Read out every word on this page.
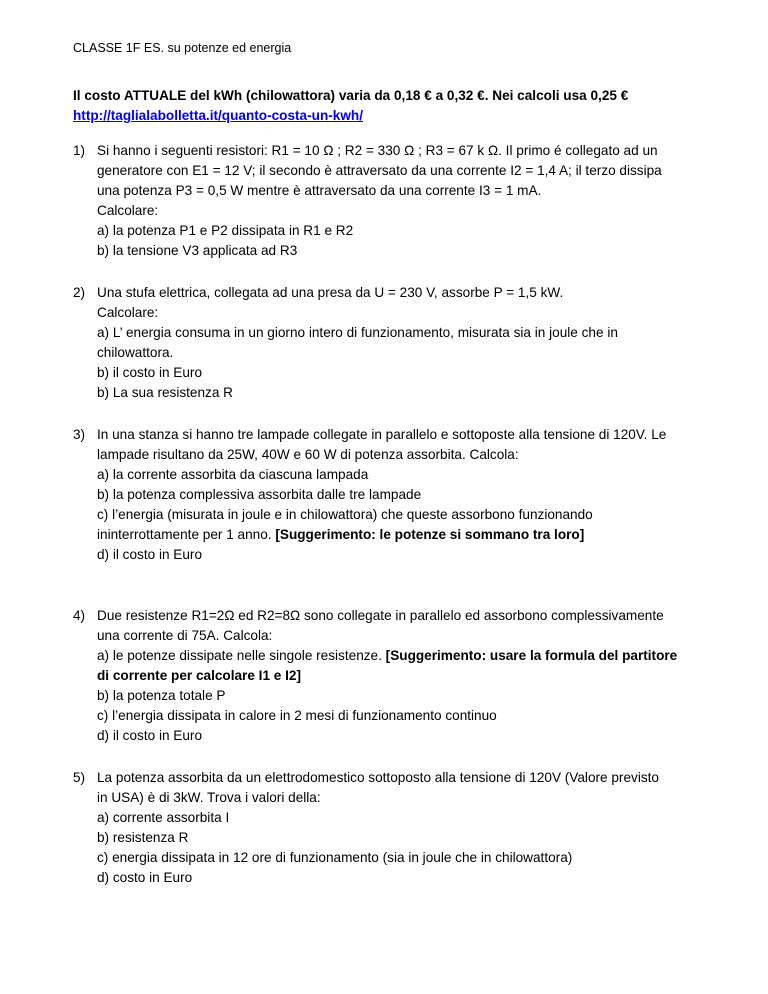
CLASSE 1F ES. su potenze ed energia
Il costo ATTUALE del kWh (chilowattora) varia da 0,18 € a 0,32 €. Nei calcoli usa 0,25 €
http://taglialabolletta.it/quanto-costa-un-kwh/
1) Si hanno i seguenti resistori: R1 = 10 Ω ; R2 = 330 Ω ; R3 = 67 k Ω. Il primo é collegato ad un
generatore con E1 = 12 V; il secondo è attraversato da una corrente I2 = 1,4 A; il terzo dissipa
una potenza P3 = 0,5 W mentre è attraversato da una corrente I3 = 1 mA.
Calcolare:
a) la potenza P1 e P2 dissipata in R1 e R2
b) la tensione V3 applicata ad R3
2) Una stufa elettrica, collegata ad una presa da U = 230 V, assorbe P = 1,5 kW.
Calcolare:
a) L’ energia consuma in un giorno intero di funzionamento, misurata sia in joule che in
chilowattora.
b) il costo in Euro
b) La sua resistenza R
3) In una stanza si hanno tre lampade collegate in parallelo e sottoposte alla tensione di 120V. Le
lampade risultano da 25W, 40W e 60 W di potenza assorbita. Calcola:
a) la corrente assorbita da ciascuna lampada
b) la potenza complessiva assorbita dalle tre lampade
c) l’energia (misurata in joule e in chilowattora) che queste assorbono funzionando
ininterrottamente per 1 anno. [Suggerimento: le potenze si sommano tra loro]
d) il costo in Euro
4) Due resistenze R1=2Ω ed R2=8Ω sono collegate in parallelo ed assorbono complessivamente
una corrente di 75A. Calcola:
a) le potenze dissipate nelle singole resistenze. [Suggerimento: usare la formula del partitore
di corrente per calcolare I1 e I2]
b) la potenza totale P
c) l’energia dissipata in calore in 2 mesi di funzionamento continuo
d) il costo in Euro
5) La potenza assorbita da un elettrodomestico sottoposto alla tensione di 120V (Valore previsto
in USA) è di 3kW. Trova i valori della:
a) corrente assorbita I
b) resistenza R
c) energia dissipata in 12 ore di funzionamento (sia in joule che in chilowattora)
d) costo in Euro
